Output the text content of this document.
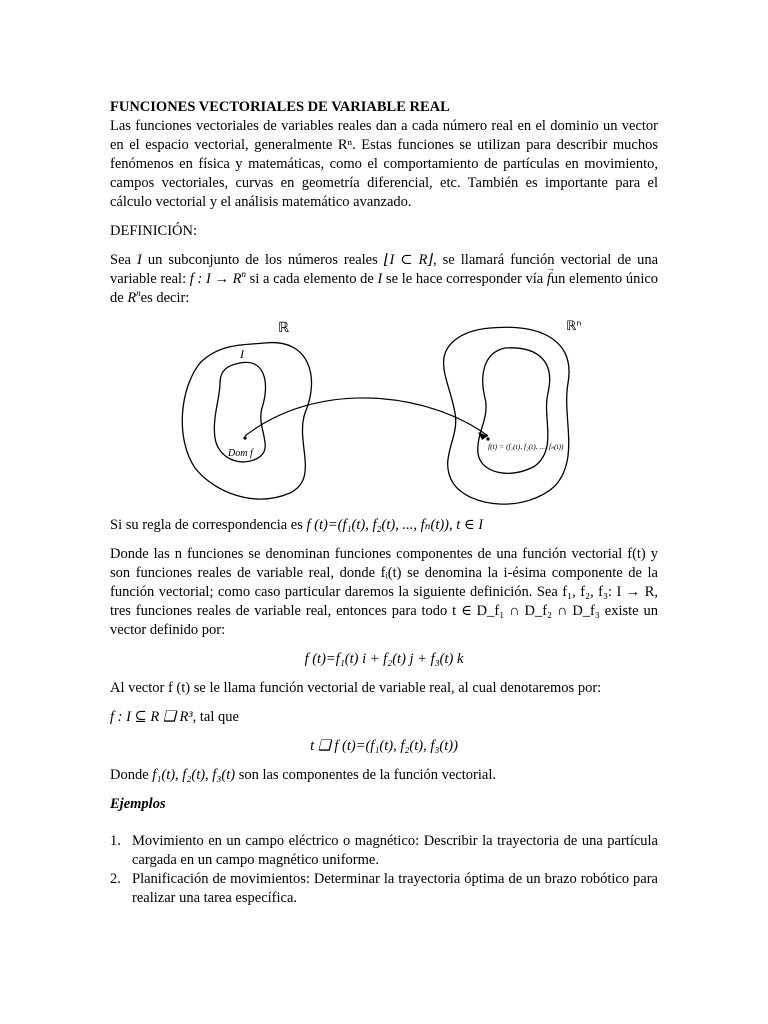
FUNCIONES VECTORIALES DE VARIABLE REAL

Las funciones vectoriales de variables reales dan a cada número real en el dominio un vector en el espacio vectorial, generalmente Rⁿ. Estas funciones se utilizan para describir muchos fenómenos en física y matemáticas, como el comportamiento de partículas en movimiento, campos vectoriales, curvas en geometría diferencial, etc. También es importante para el cálculo vectorial y el análisis matemático avanzado.

DEFINICIÓN:

Sea I un subconjunto de los números reales ⌊I ⊂ R⌋, se llamará función vectorial de una variable real: f : $I \to R^n$ si a cada elemento de I se le hace corresponder vía → fun elemento único de $R^nes$ decir:

Si su regla de correspondencia es f (t)=(f₁(t), f₂(t), ..., fₙ(t)), t ∈ I

Donde las n funciones se denominan funciones componentes de una función vectorial f(t) y son funciones reales de variable real, donde fᵢ(t) se denomina la i-ésima componente de la función vectorial; como caso particular daremos la siguiente definición. Sea f₁, f₂, f₃: I → R, tres funciones reales de variable real, entonces para todo t ∈ D_f₁ ∩ D_f₂ ∩ D_f₃ existe un vector definido por:

f (t)=f₁(t) i + f₂(t) j + f₃(t) k

Al vector f (t) se le llama función vectorial de variable real, al cual denotaremos por:

f : I ⊆ R ❑ R³, tal que

t ❑ f (t)=(f₁(t), f₂(t), f₃(t))

Donde f₁(t), f₂(t), f₃(t) son las componentes de la función vectorial.

Ejemplos

1. Movimiento en un campo eléctrico o magnético: Describir la trayectoria de una partícula cargada en un campo magnético uniforme.
2. Planificación de movimientos: Determinar la trayectoria óptima de un brazo robótico para realizar una tarea específica.
ℝ	ℝⁿ
I
Dom f
f(t) = (f₁(t), f₂(t), ..., fₙ(t))
